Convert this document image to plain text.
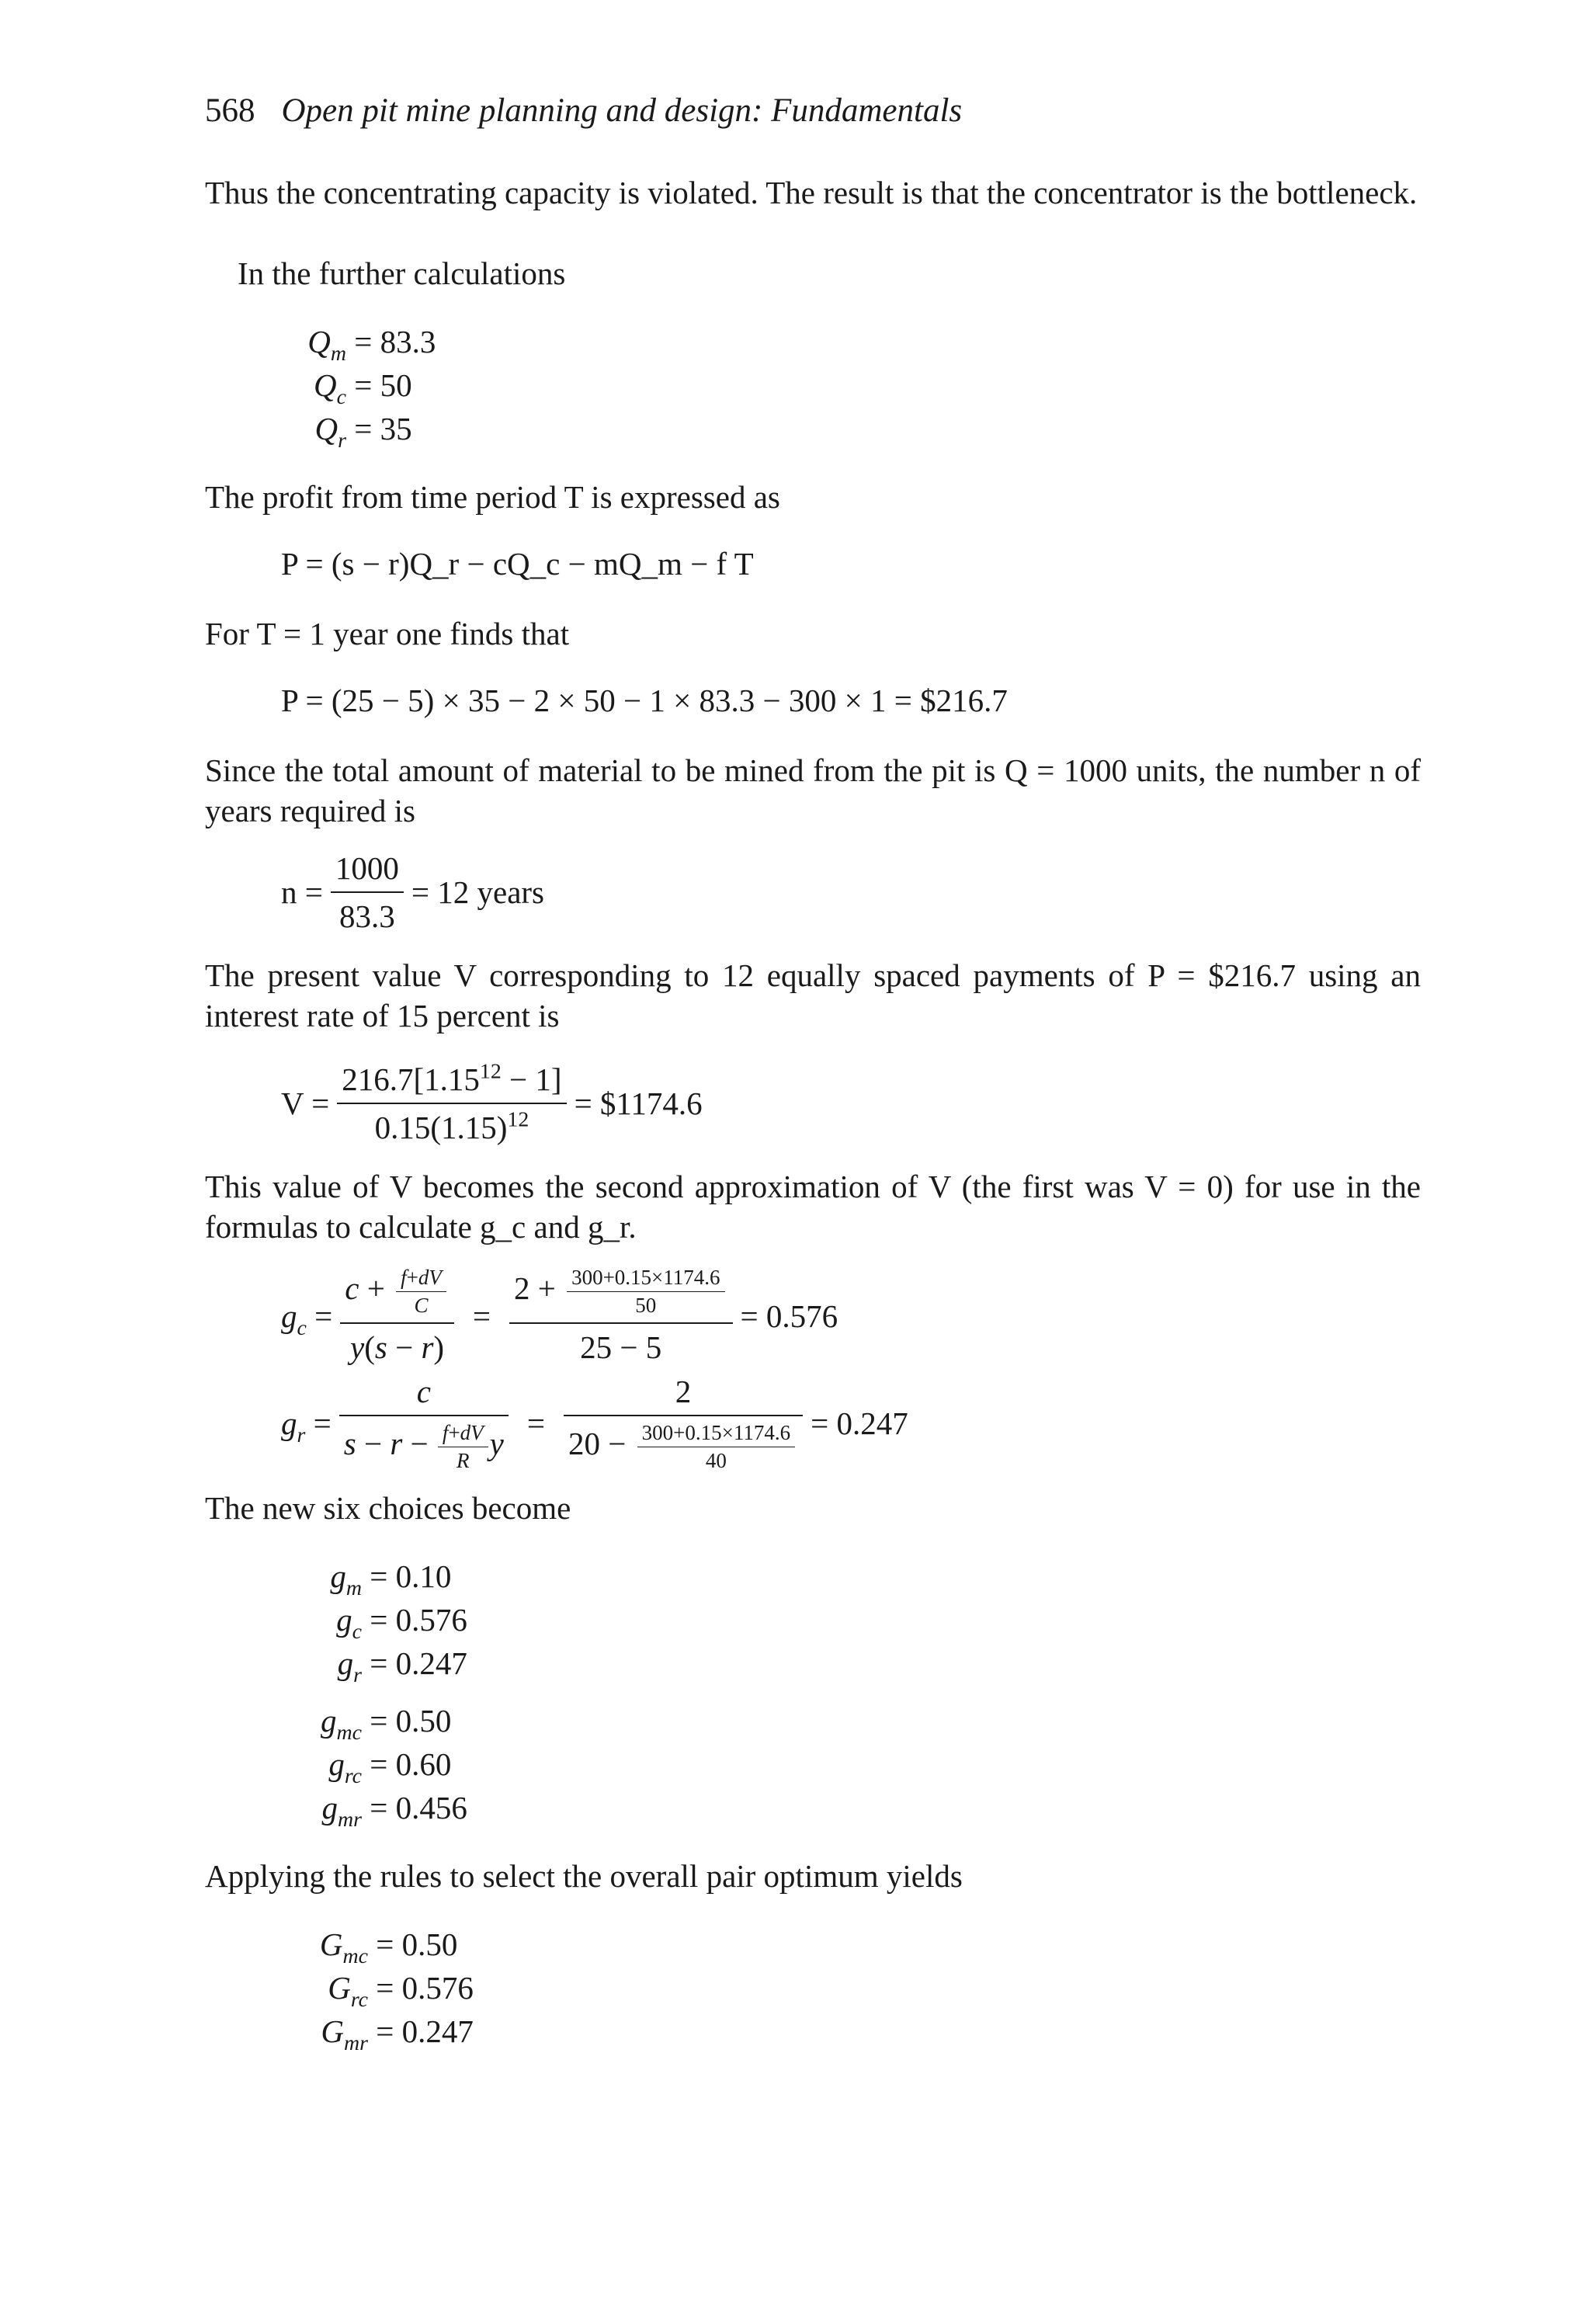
568 Open pit mine planning and design: Fundamentals
Thus the concentrating capacity is violated. The result is that the concentrator is the bottleneck.
In the further calculations
$Q_m = 83.3$
$Q_c = 50$
$Q_r = 35$
The profit from time period T is expressed as
P = (s − r)Q_r − cQ_c − mQ_m − f T
For T = 1 year one finds that
P = (25 − 5) × 35 − 2 × 50 − 1 × 83.3 − 300 × 1 = $216.7
Since the total amount of material to be mined from the pit is Q = 1000 units, the number n of years required is
$n = \frac{1000}{83.3} = 12$ years
The present value V corresponding to 12 equally spaced payments of P = $216.7 using an interest rate of 15 percent is
$V = \frac{216.7[1.15^{12} - 1]}{0.15(1.15)^{12}}$ = $1174.6
This value of V becomes the second approximation of V (the first was V = 0) for use in the formulas to calculate g_c and g_r.
$g_c = \frac{c + \frac{f+dV}{C}}{y(s - r)}$ =
$2 + \frac{300+0.15\times 1174.6}{50}$
25 − 5
= 0.576
$g_r$ =
c
$s - r - \frac{f+dV}{R}$ y
=
2
$20 - \frac{300+0.15\times 1174.6}{40} = 0.247$
The new six choices become
$g_m = 0.10$
$g_c = 0.576$
$g_r = 0.247$
$g_{mc} = 0.50$
$g_{rc} = 0.60$
$g_{mr} = 0.456$
Applying the rules to select the overall pair optimum yields
$G_{mc} = 0.50$
$G_{rc} = 0.576$
$G_{mr} = 0.247$
